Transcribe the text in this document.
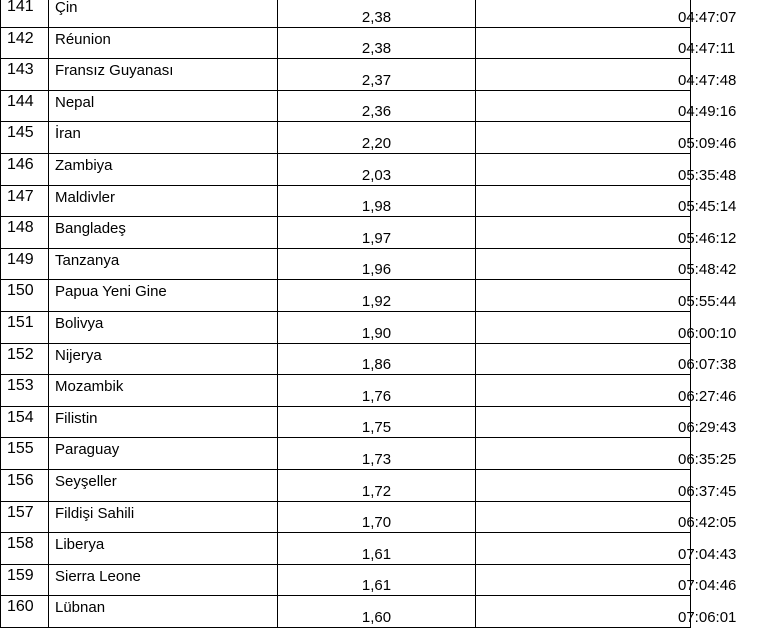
141	Çin	2,38	04:47:07
142	Réunion	2,38	04:47:11
143	Fransız Guyanası	2,37	04:47:48
144	Nepal	2,36	04:49:16
145	İran	2,20	05:09:46
146	Zambiya	2,03	05:35:48
147	Maldivler	1,98	05:45:14
148	Bangladeş	1,97	05:46:12
149	Tanzanya	1,96	05:48:42
150	Papua Yeni Gine	1,92	05:55:44
151	Bolivya	1,90	06:00:10
152	Nijerya	1,86	06:07:38
153	Mozambik	1,76	06:27:46
154	Filistin	1,75	06:29:43
155	Paraguay	1,73	06:35:25
156	Seyşeller	1,72	06:37:45
157	Fildişi Sahili	1,70	06:42:05
158	Liberya	1,61	07:04:43
159	Sierra Leone	1,61	07:04:46
160	Lübnan	1,60	07:06:01
